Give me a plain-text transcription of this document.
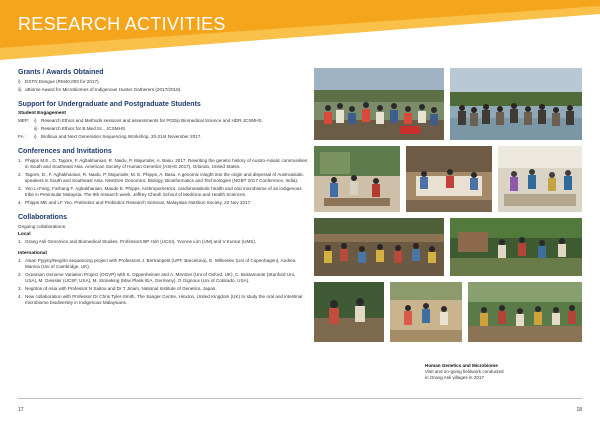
RESEARCH ACTIVITIES
Grants / Awards Obtained
i) DSTN Dengue (RM40,000 for 2017).
ii) uBiome Award for Microbiomes of Indigenous Hunter Gatherers (2017/2018).
Support for Undergraduate and Postgraduate Students
Student Engagement
MEP:	i) Research Ethics and Methods sessions and assessments for PGDip Biomedical Science and HDR JCSMHS.
ii) Research Ethics for B.Med.Sc., JCSMHS.
FA :	i) Biofinux and Next Generation Sequencing Workshop, 20-21st November 2017.
Conferences and Invitations
1. Phipps M.E., D. Tagore, F. Aghakhanian, R. Naidu, P. Majumder, A. Basu. 2017. Rewriting the genetic history of Austro-Asiatic communities in South and Southeast Asia. American Society of Human Genetics (ASHG 2017), Orlando, United States.
2. Tagore, D., F. Aghakhanian, R. Naidu, P. Majumder, M. E. Phipps, A. Basu. A genomic insight into the origin and dispersal of Austroasiatic speakers in South and Southeast Asia. NextGen Genomics, Biology, Bioinformatics and Technologies (NGBT 2017 Conference, India).
3. Yeo Li-Fang, Farhang F. Aghakhanian, Maude E. Phipps. Anthropometrics, cardiometabolic health and oral microbiome of an indigenous tribe in Peninsular Malaysia. The 9th research week, Jeffrey Cheah School of Medicine and Health Sciences.
4. Phipps ME and LF Yeo. Prebiotics and Probiotics Research Seminar, Malaysian Nutrition Society, 22 Nov 2017.
Collaborations

Ongoing collaborations:

Local
1. Orang Asli Genomics and Biomedical Studies, Professors BP Hoh (UCSI), Yvonne Lim (UM) and V Kumar (UMS).
International
1. Asian Pygmy/Negrito sequencing project with Professors J. Bertranpetit (UPF, Barcelona), E. Willerslev (Uni of Copenhagen), Andrea Manica (Uni of Cambridge, UK).
2. Oceanian Genome Variation Project (OGVP) with S. Oppenheimer and A. Mentzer (Uni of Oxford, UK), C. Bustamante (Stanford Uni, USA), M. Geissler (UCSF, USA), M. Stoneking (Max Plank IEA, Germany), O Gignoux (Uni of Colorado, USA).
3. Negritos of Asia with Professor N Saitou and Dr T Jinam, National Institute of Genetics, Japan.
4. New collaboration with Professor Dr Chris Tyler-Smith, The Sanger Centre, Hinxton, United Kingdom (UK) to study the oral and intestinal microbiome biodiversity in Indigenous Malaysians.
Human Genetics and Microbiome
Visit and on-going fieldwork conducted
in Orang Asli villages in 2017
17	18
